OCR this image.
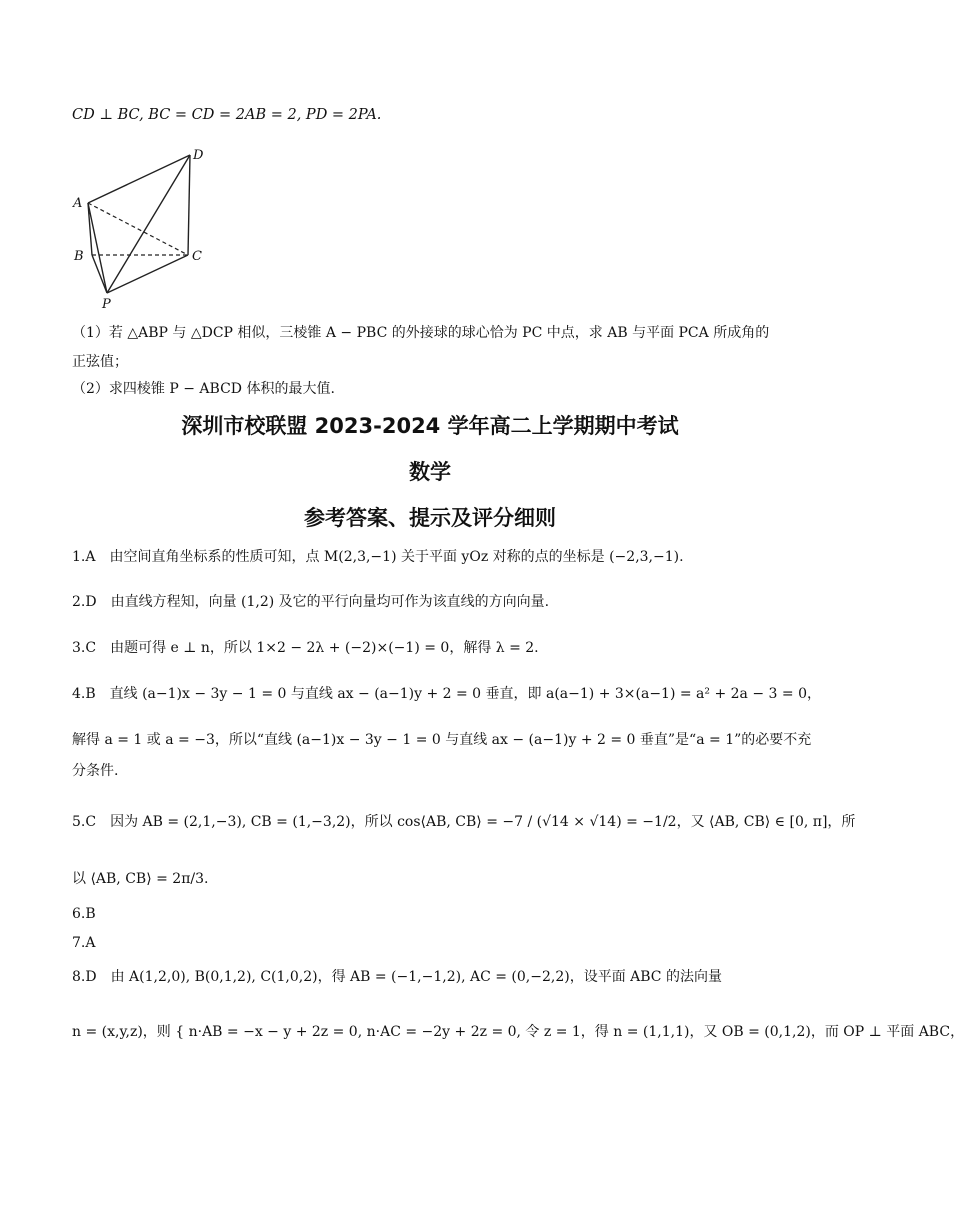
CD ⊥ BC, BC = CD = 2AB = 2, PD = 2PA.
A
B	C
D
P
（1）若 △ABP 与 △DCP 相似，三棱锥 A − PBC 的外接球的球心恰为 PC 中点，求 AB 与平面 PCA 所成角的
正弦值；
（2）求四棱锥 P − ABCD 体积的最大值.
深圳市校联盟 2023-2024 学年高二上学期期中考试
数学
参考答案、提示及评分细则
1.A　由空间直角坐标系的性质可知，点 M(2,3,−1) 关于平面 yOz 对称的点的坐标是 (−2,3,−1).
2.D　由直线方程知，向量 (1,2) 及它的平行向量均可作为该直线的方向向量.
3.C　由题可得 e ⊥ n，所以 1×2 − 2λ + (−2)×(−1) = 0，解得 λ = 2.
4.B　直线 (a−1)x − 3y − 1 = 0 与直线 ax − (a−1)y + 2 = 0 垂直，即 a(a−1) + 3×(a−1) = a² + 2a − 3 = 0，
解得 a = 1 或 a = −3，所以“直线 (a−1)x − 3y − 1 = 0 与直线 ax − (a−1)y + 2 = 0 垂直”是“a = 1”的必要不充
分条件.
5.C　因为 AB = (2,1,−3), CB = (1,−3,2)，所以 cos⟨AB, CB⟩ = −7 / (√14 × √14) = −1/2，又 ⟨AB, CB⟩ ∈ [0, π]，所
以 ⟨AB, CB⟩ = 2π/3.
6.B
7.A
8.D　由 A(1,2,0), B(0,1,2), C(1,0,2)，得 AB = (−1,−1,2), AC = (0,−2,2)，设平面 ABC 的法向量
n = (x,y,z)，则 { n·AB = −x − y + 2z = 0, n·AC = −2y + 2z = 0, 令 z = 1，得 n = (1,1,1)，又 OB = (0,1,2)，而 OP ⊥ 平面 ABC，
